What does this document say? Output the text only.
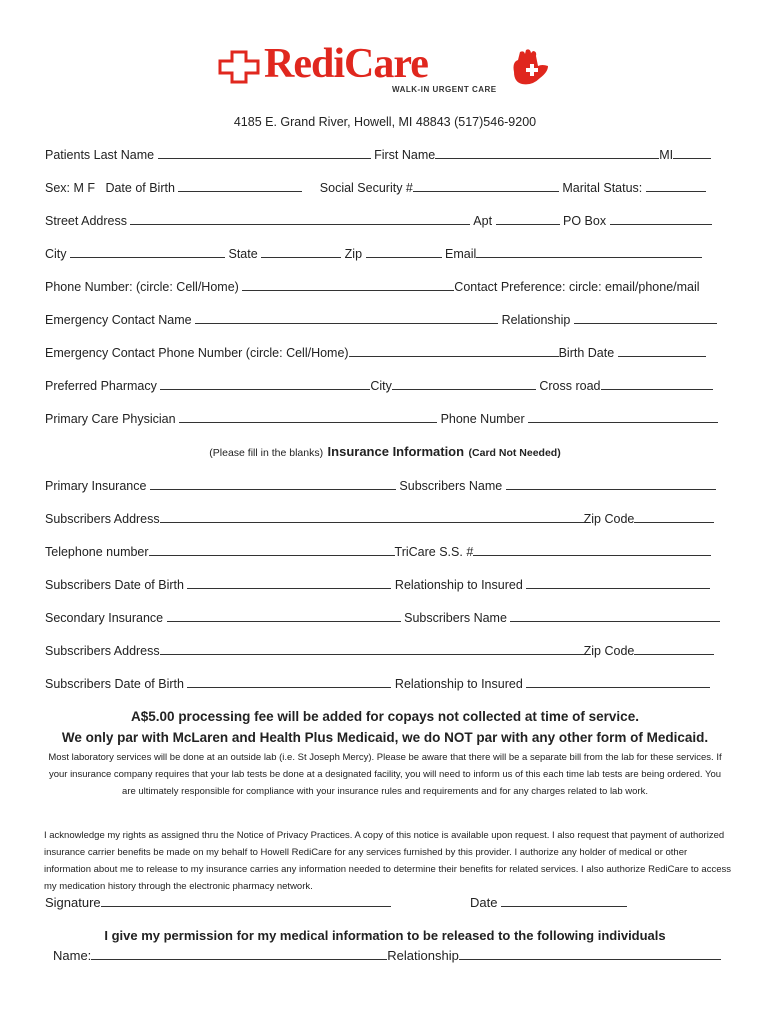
RediCare
WALK-IN URGENT CARE
4185 E. Grand River, Howell, MI 48843 (517)546-9200
Patients Last Name	First Name	MI
Sex: M F Date of Birth	Social Security #	Marital Status:
Street Address	Apt	PO Box
City	State	Zip	Email
Phone Number: (circle: Cell/Home)	Contact Preference: circle: email/phone/mail
Emergency Contact Name	Relationship
Emergency Contact Phone Number (circle: Cell/Home)	Birth Date
Preferred Pharmacy	City	Cross road
Primary Care Physician	Phone Number
(Please fill in the blanks) Insurance Information (Card Not Needed)
Primary Insurance	Subscribers Name
Subscribers Address	Zip Code
Telephone number	TriCare S.S. #
Subscribers Date of Birth	Relationship to Insured
Secondary Insurance	Subscribers Name
Subscribers Address	Zip Code
Subscribers Date of Birth	Relationship to Insured
A$5.00 processing fee will be added for copays not collected at time of service.
We only par with McLaren and Health Plus Medicaid, we do NOT par with any other form of Medicaid.
Most laboratory services will be done at an outside lab (i.e. St Joseph Mercy). Please be aware that there will be a separate bill from the lab for these services. If your insurance company requires that your lab tests be done at a designated facility, you will need to inform us of this each time lab tests are being ordered. You are ultimately responsible for compliance with your insurance rules and requirements and for any charges related to lab work.
I acknowledge my rights as assigned thru the Notice of Privacy Practices. A copy of this notice is available upon request. I also request that payment of authorized insurance carrier benefits be made on my behalf to Howell RediCare for any services furnished by this provider. I authorize any holder of medical or other information about me to release to my insurance carries any information needed to determine their benefits for related services. I also authorize RediCare to access my medication history through the electronic pharmacy network.
Signature	Date
I give my permission for my medical information to be released to the following individuals
Name:	Relationship
